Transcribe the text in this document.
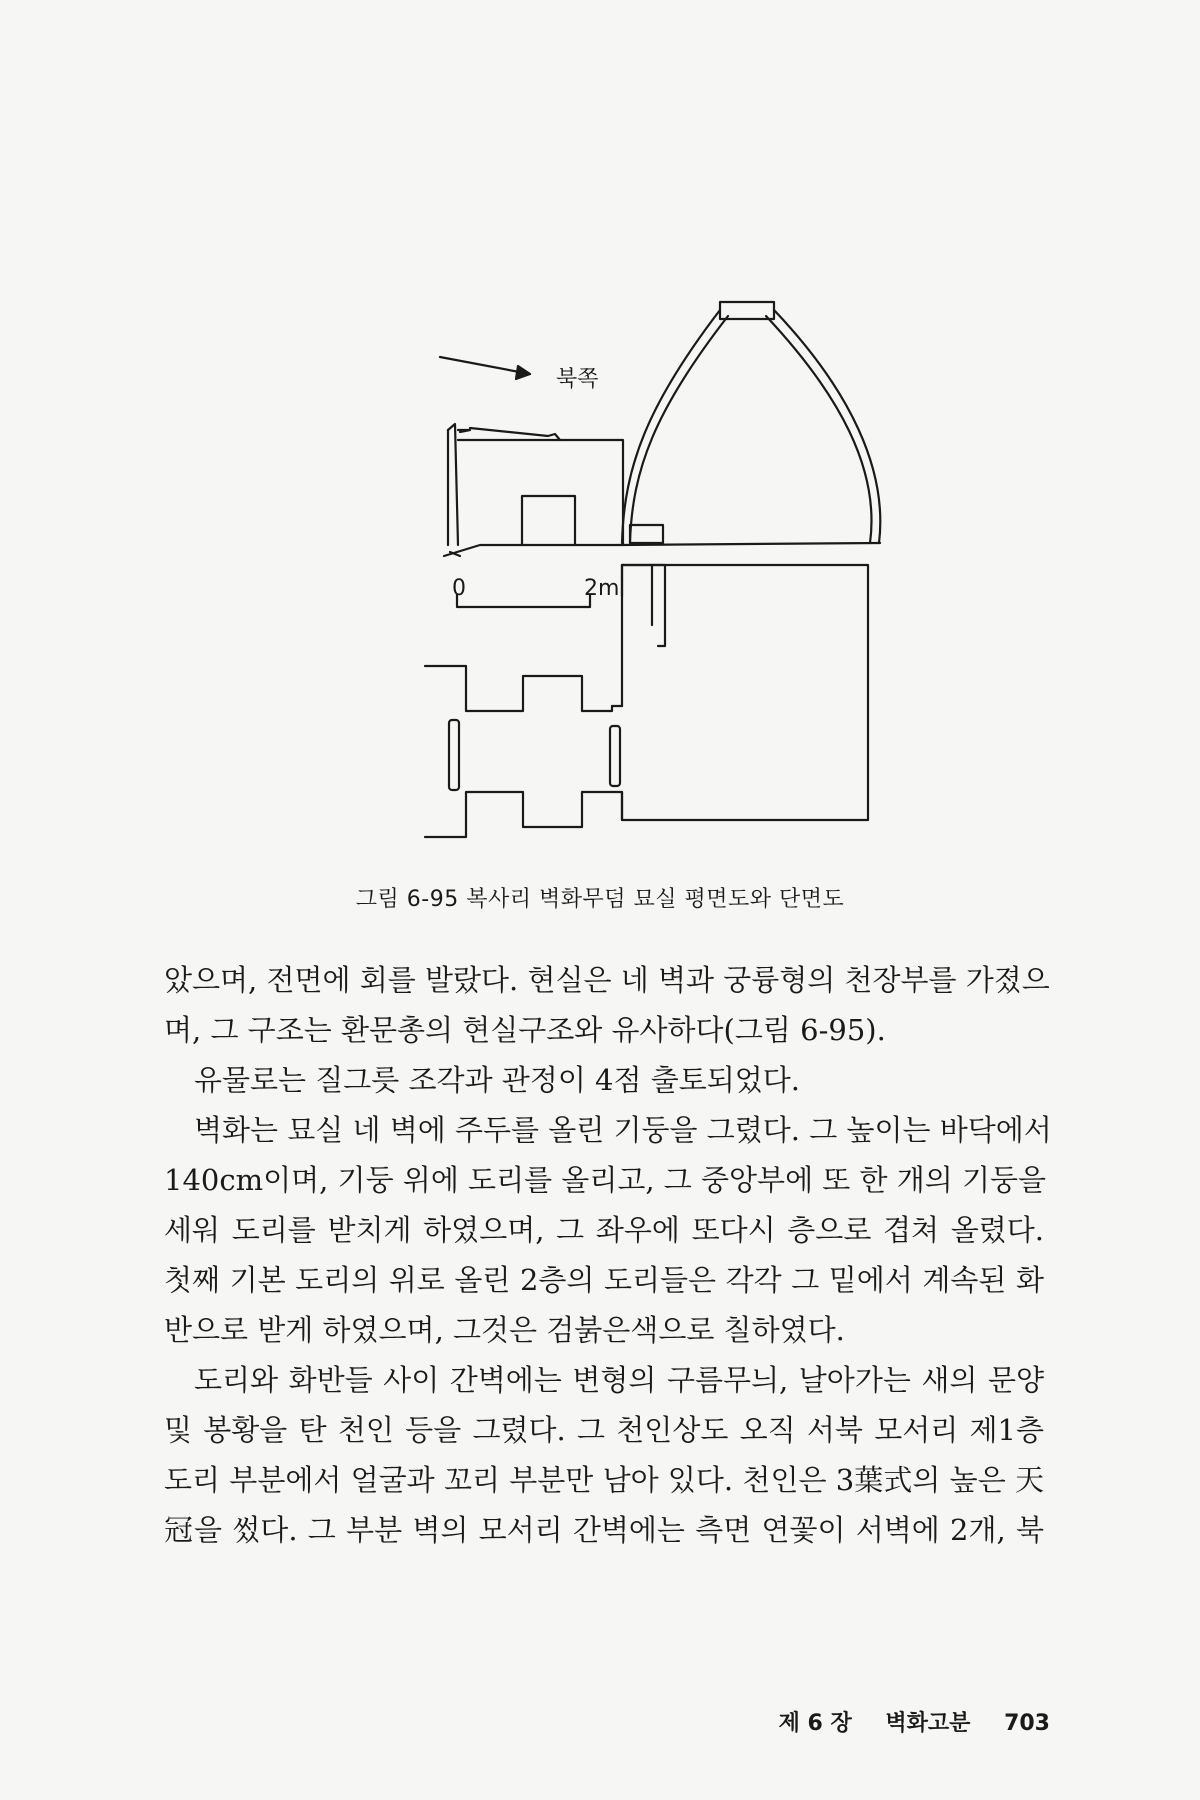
북쪽
0	2m
그림 6-95 복사리 벽화무덤 묘실 평면도와 단면도
았으며, 전면에 회를 발랐다. 현실은 네 벽과 궁륭형의 천장부를 가졌으
며, 그 구조는 환문총의 현실구조와 유사하다(그림 6-95).
유물로는 질그릇 조각과 관정이 4점 출토되었다.
벽화는 묘실 네 벽에 주두를 올린 기둥을 그렸다. 그 높이는 바닥에서
140cm이며, 기둥 위에 도리를 올리고, 그 중앙부에 또 한 개의 기둥을
세워 도리를 받치게 하였으며, 그 좌우에 또다시 층으로 겹쳐 올렸다.
첫째 기본 도리의 위로 올린 2층의 도리들은 각각 그 밑에서 계속된 화
반으로 받게 하였으며, 그것은 검붉은색으로 칠하였다.
도리와 화반들 사이 간벽에는 변형의 구름무늬, 날아가는 새의 문양
및 봉황을 탄 천인 등을 그렸다. 그 천인상도 오직 서북 모서리 제1층
도리 부분에서 얼굴과 꼬리 부분만 남아 있다. 천인은 3葉式의 높은 天
冠을 썼다. 그 부분 벽의 모서리 간벽에는 측면 연꽃이 서벽에 2개, 북
제 6 장 벽화고분 703
